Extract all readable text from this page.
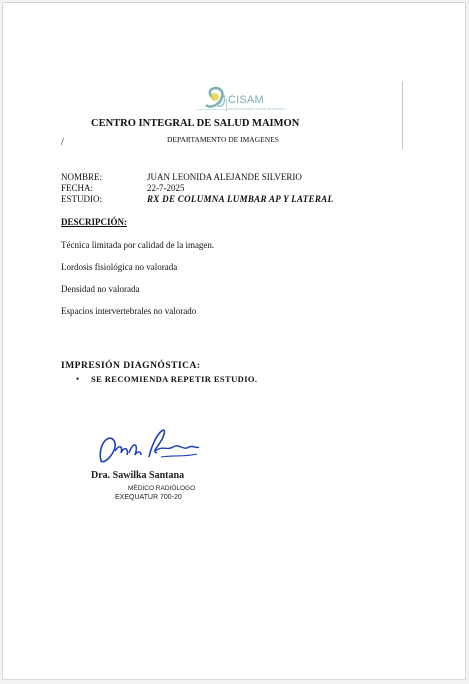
CISAM
CENTRO INTEGRAL DE SALUD MAIMON
CENTRO INTEGRAL DE SALUD MAIMON
/	DEPARTAMENTO DE IMAGENES
NOMBRE:	JUAN LEONIDA ALEJANDE SILVERIO
FECHA:	22-7-2025
ESTUDIO:	RX DE COLUMNA LUMBAR AP Y LATERAL
DESCRIPCIÓN:
Técnica limitada por calidad de la imagen.
Lordosis fisiológica no valorada
Densidad no valorada
Espacios intervertebrales no valorado
IMPRESIÓN DIAGNÓSTICA:
• SE RECOMIENDA REPETIR ESTUDIO.
Dra. Sawilka Santana
MÉDICO RADIÓLOGO
EXEQUATUR 700-20
